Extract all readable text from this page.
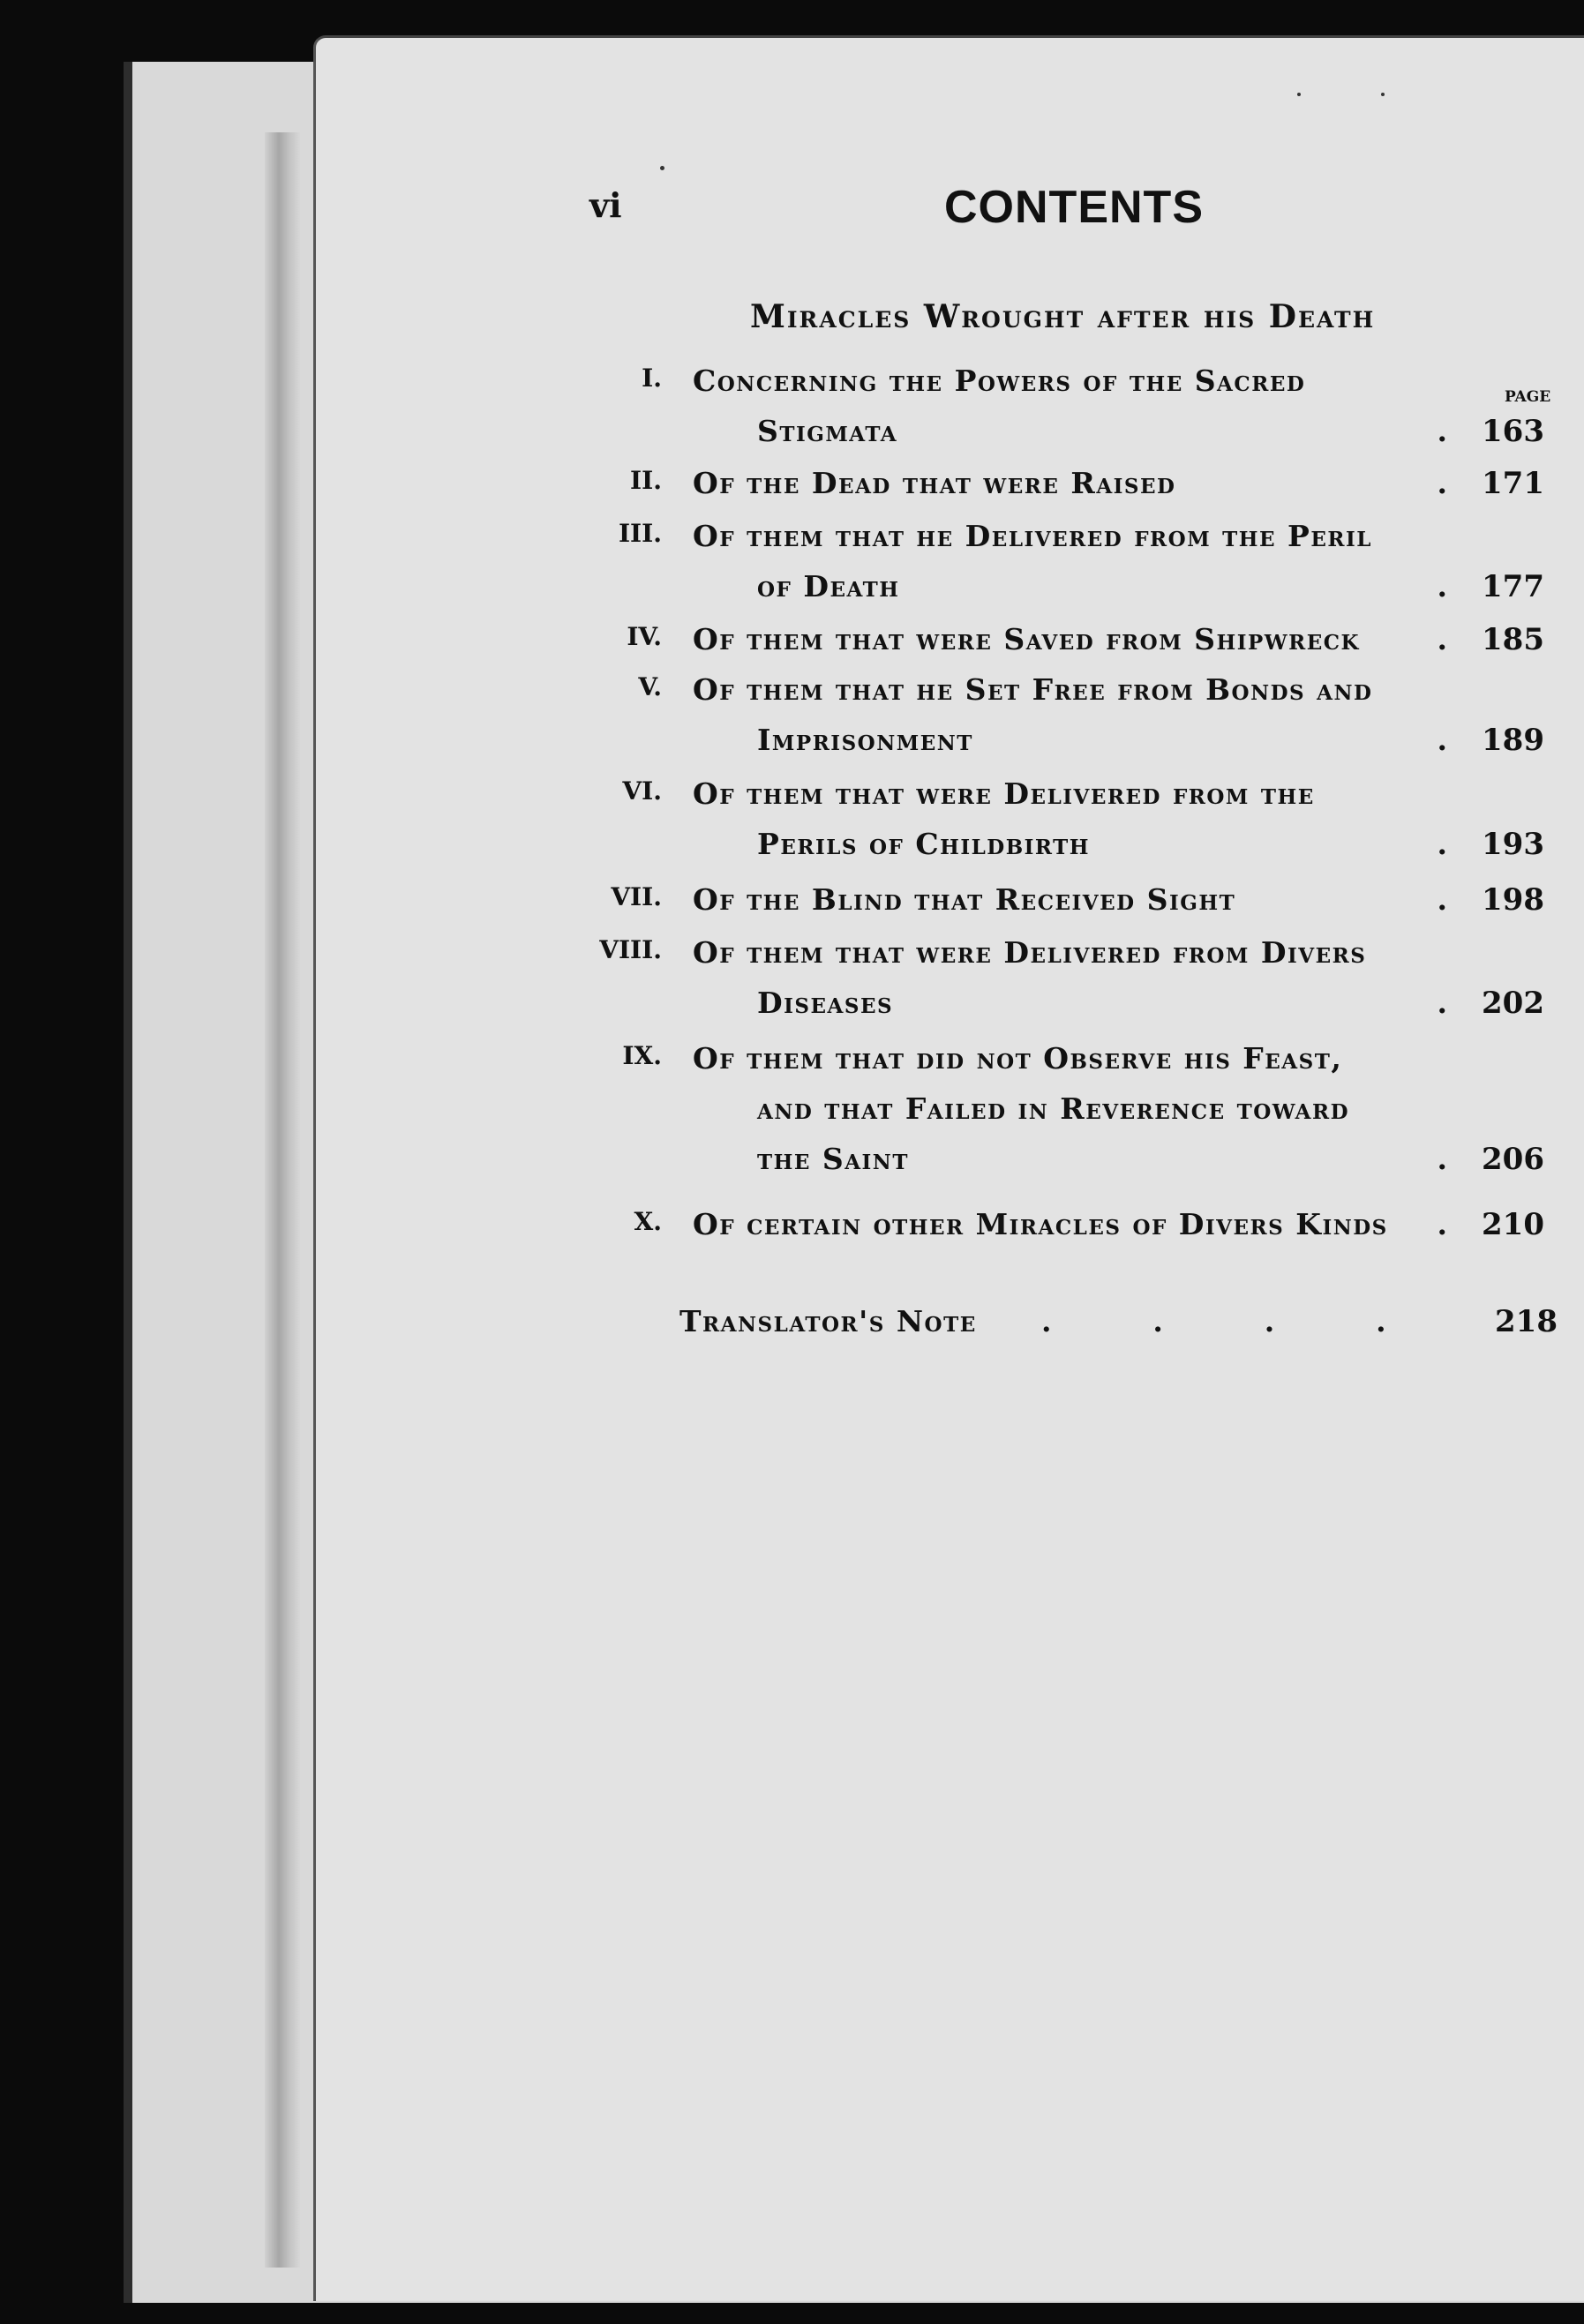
vi	CONTENTS
Miracles Wrought after his Death
page
I. Concerning the Powers of the Sacred
Stigmata	. 163
II. Of the Dead that were Raised	. 171
III. Of them that he Delivered from the Peril
of Death	. 177
IV. Of them that were Saved from Shipwreck	. 185
V. Of them that he Set Free from Bonds and
Imprisonment	. 189
VI. Of them that were Delivered from the
Perils of Childbirth	. 193
VII. Of the Blind that Received Sight	. 198
VIII. Of them that were Delivered from Divers
Diseases	. 202
IX. Of them that did not Observe his Feast,
and that Failed in Reverence toward
the Saint	. 206
X. Of certain other Miracles of Divers Kinds . 210
Translator's Note .          .          .          .	218
